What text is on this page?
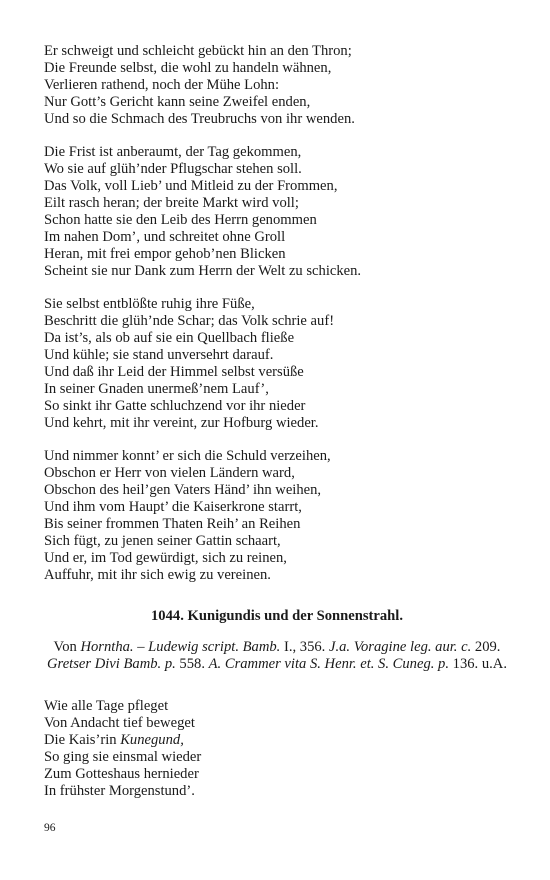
Er schweigt und schleicht gebückt hin an den Thron;
Die Freunde selbst, die wohl zu handeln wähnen,
Verlieren rathend, noch der Mühe Lohn:
Nur Gott’s Gericht kann seine Zweifel enden,
Und so die Schmach des Treubruchs von ihr wenden.
Die Frist ist anberaumt, der Tag gekommen,
Wo sie auf glüh’nder Pflugschar stehen soll.
Das Volk, voll Lieb’ und Mitleid zu der Frommen,
Eilt rasch heran; der breite Markt wird voll;
Schon hatte sie den Leib des Herrn genommen
Im nahen Dom’, und schreitet ohne Groll
Heran, mit frei empor gehob’nen Blicken
Scheint sie nur Dank zum Herrn der Welt zu schicken.
Sie selbst entblößte ruhig ihre Füße,
Beschritt die glüh’nde Schar; das Volk schrie auf!
Da ist’s, als ob auf sie ein Quellbach fließe
Und kühle; sie stand unversehrt darauf.
Und daß ihr Leid der Himmel selbst versüße
In seiner Gnaden unermeß’nem Lauf’,
So sinkt ihr Gatte schluchzend vor ihr nieder
Und kehrt, mit ihr vereint, zur Hofburg wieder.
Und nimmer konnt’ er sich die Schuld verzeihen,
Obschon er Herr von vielen Ländern ward,
Obschon des heil’gen Vaters Händ’ ihn weihen,
Und ihm vom Haupt’ die Kaiserkrone starrt,
Bis seiner frommen Thaten Reih’ an Reihen
Sich fügt, zu jenen seiner Gattin schaart,
Und er, im Tod gewürdigt, sich zu reinen,
Auffuhr, mit ihr sich ewig zu vereinen.
1044. Kunigundis und der Sonnenstrahl.
Von Horntha. – Ludewig script. Bamb. I., 356. J.a. Voragine leg. aur. c. 209. Gretser Divi Bamb. p. 558. A. Crammer vita S. Henr. et. S. Cuneg. p. 136. u.A.
Wie alle Tage pfleget
Von Andacht tief beweget
Die Kais’rin Kunegund,
So ging sie einsmal wieder
Zum Gotteshaus hernieder
In frühster Morgenstund’.
96
